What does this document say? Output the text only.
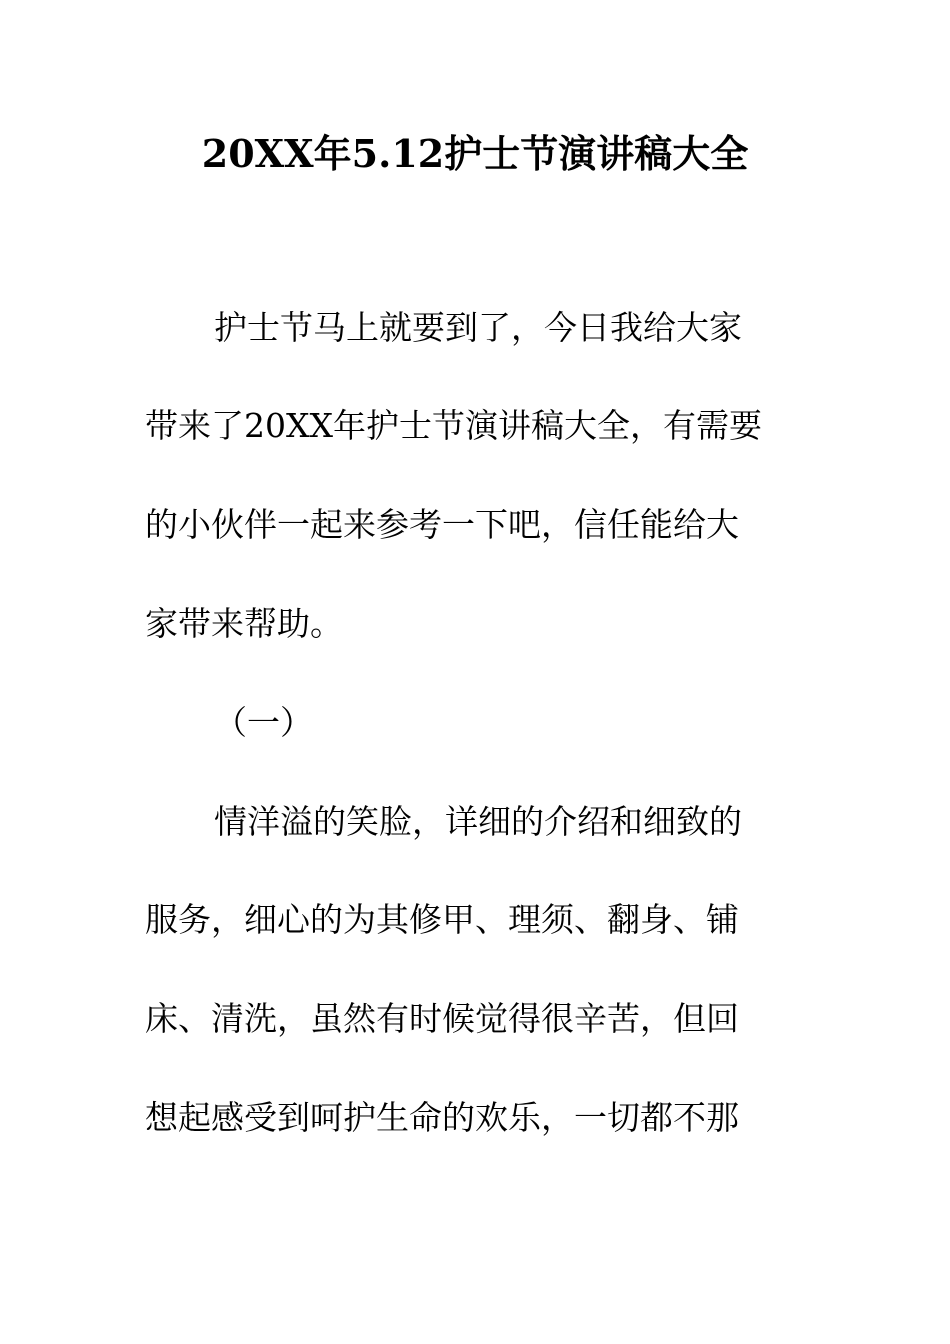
20XX年5.12护士节演讲稿大全
护士节马上就要到了，今日我给大家
带来了20XX年护士节演讲稿大全，有需要
的小伙伴一起来参考一下吧，信任能给大
家带来帮助。
（一）
情洋溢的笑脸，详细的介绍和细致的
服务，细心的为其修甲、理须、翻身、铺
床、清洗，虽然有时候觉得很辛苦，但回
想起感受到呵护生命的欢乐，一切都不那
